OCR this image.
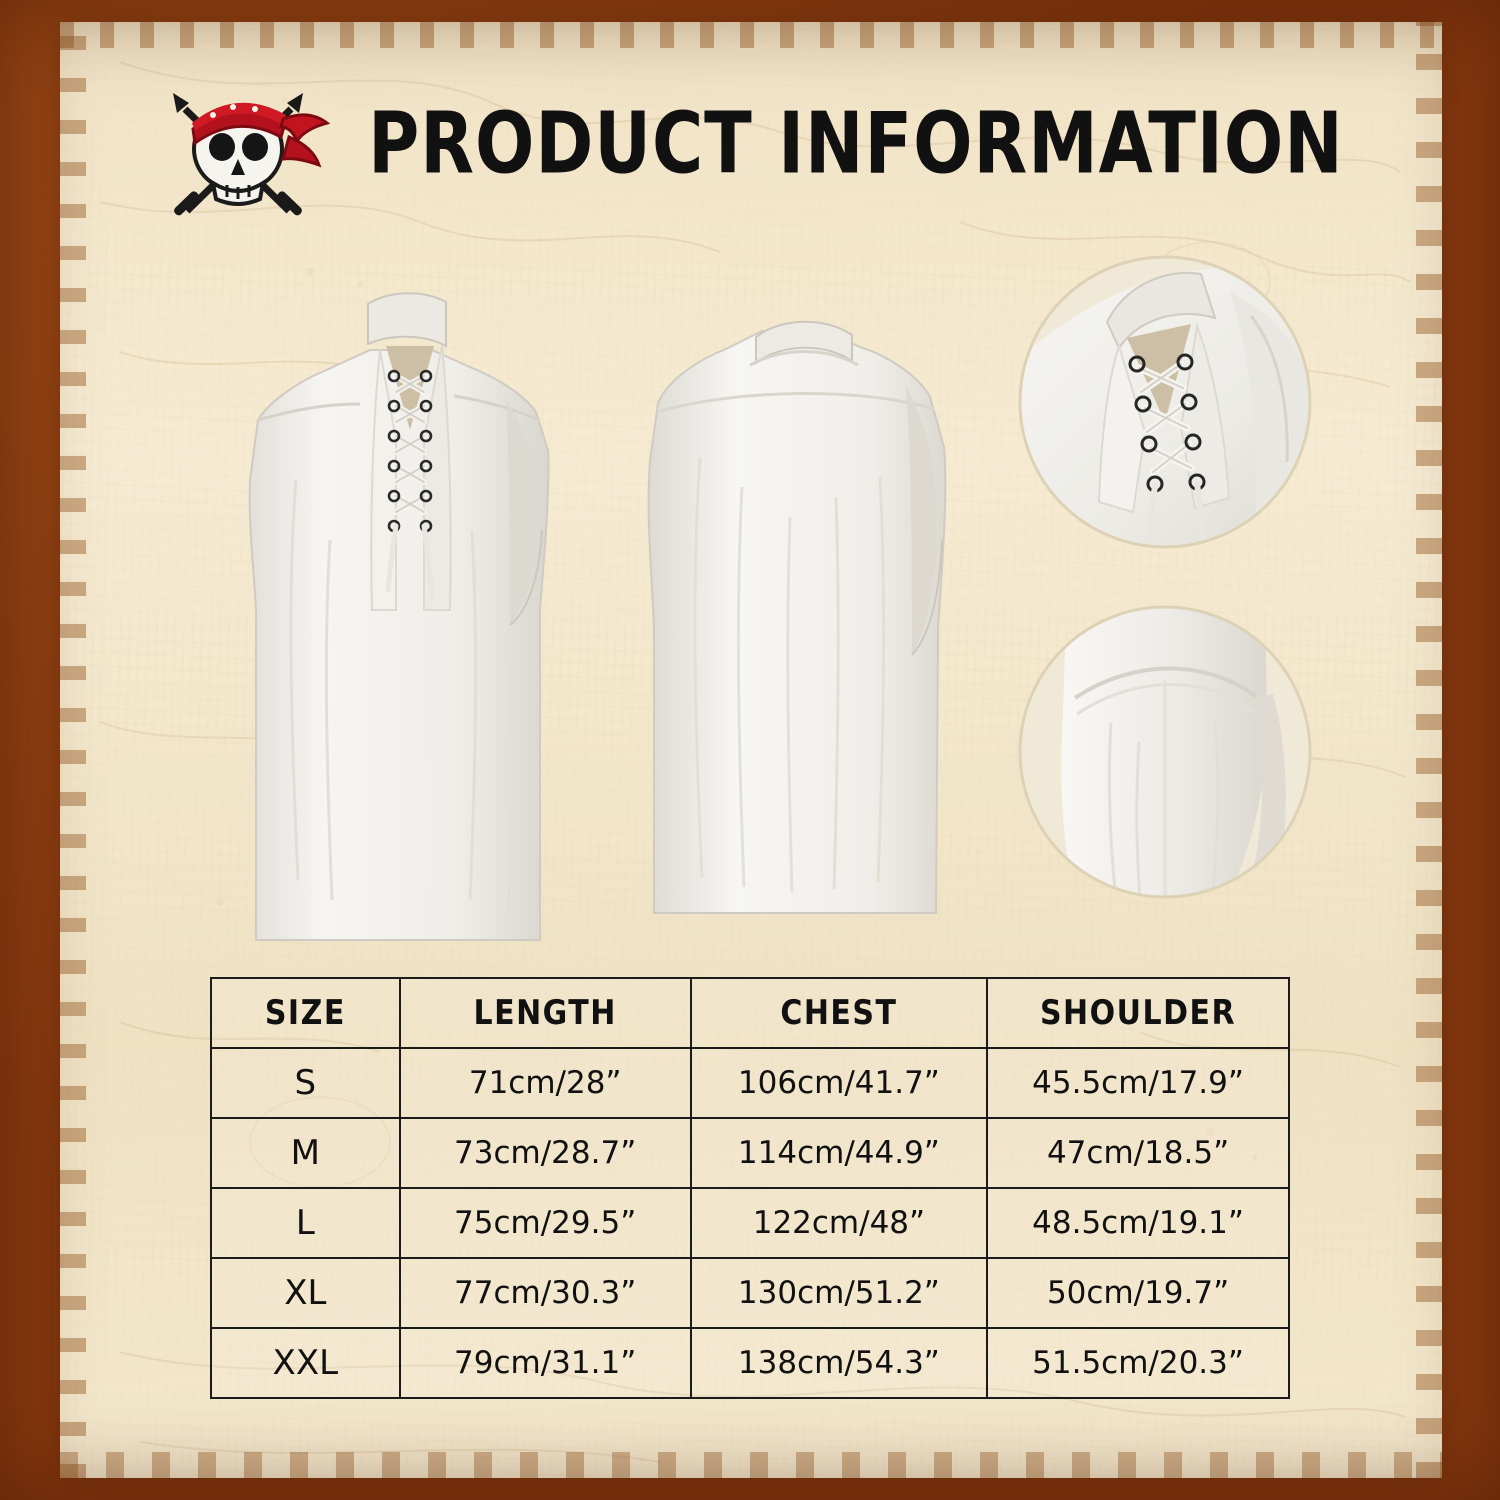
PRODUCT INFORMATION
SIZE	LENGTH	CHEST	SHOULDER
S	71cm/28”	106cm/41.7”	45.5cm/17.9”
M	73cm/28.7”	114cm/44.9”	47cm/18.5”
L	75cm/29.5”	122cm/48”	48.5cm/19.1”
XL	77cm/30.3”	130cm/51.2”	50cm/19.7”
XXL	79cm/31.1”	138cm/54.3”	51.5cm/20.3”
